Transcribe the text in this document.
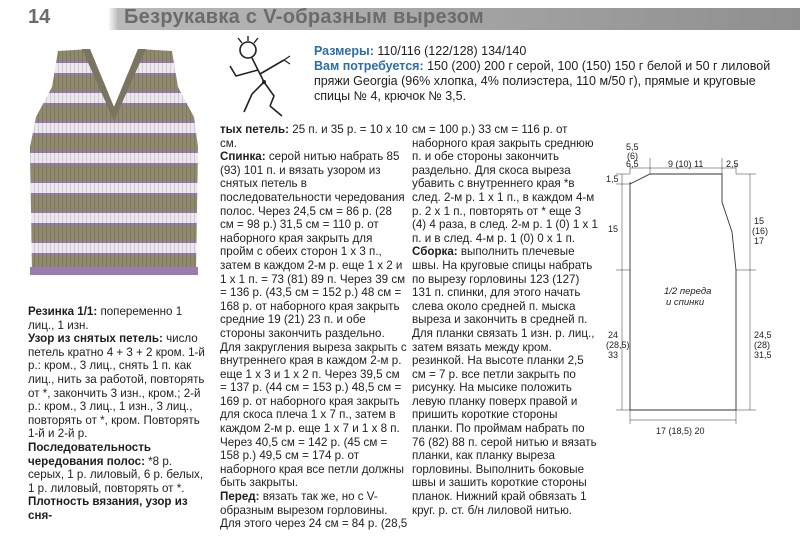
14	Безрукавка с V-образным вырезом
Размеры: 110/116 (122/128) 134/140
Вам потребуется: 150 (200) 200 г серой, 100 (150) 150 г белой и 50 г лиловой пряжи Georgia (96% хлопка, 4% полиэстера, 110 м/50 г), прямые и круговые спицы № 4, крючок № 3,5.

Резинка 1/1: попеременно 1 лиц., 1 изн.

Узор из снятых петель: число петель кратно 4 + 3 + 2 кром. 1-й р.: кром., 3 лиц., снять 1 п. как лиц., нить за работой, повторять от *, закончить 3 изн., кром.; 2-й р.: кром., 3 лиц., 1 изн., 3 лиц., повторять от *, кром. Повторять 1-й и 2-й р.

Последовательность чередования полос: *8 р. серых, 1 р. лиловый, 6 р. белых, 1 р. лиловый, повторять от *.

Плотность вязания, узор из сня-

тых петель: 25 п. и 35 р. = 10 x 10 см.

Спинка: серой нитью набрать 85 (93) 101 п. и вязать узором из снятых петель в последовательности чередования полос. Через 24,5 см = 86 р. (28 см = 98 р.) 31,5 см = 110 р. от наборного края закрыть для пройм с обеих сторон 1 x 3 п., затем в каждом 2-м р. еще 1 x 2 и 1 x 1 п. = 73 (81) 89 п. Через 39 см = 136 р. (43,5 см = 152 р.) 48 см = 168 р. от наборного края закрыть средние 19 (21) 23 п. и обе стороны закончить раздельно. Для закругления выреза закрыть с внутреннего края в каждом 2-м р. еще 1 x 3 и 1 x 2 п. Через 39,5 см = 137 р. (44 см = 153 р.) 48,5 см = 169 р. от наборного края закрыть для скоса плеча 1 x 7 п., затем в каждом 2-м р. еще 1 x 7 и 1 x 8 п. Через 40,5 см = 142 р. (45 см = 158 р.) 49,5 см = 174 р. от наборного края все петли должны быть закрыты.

Перед: вязать так же, но с V-образным вырезом горловины. Для этого через 24 см = 84 р. (28,5

см = 100 р.) 33 см = 116 р. от наборного края закрыть среднюю п. и обе стороны закончить раздельно. Для скоса выреза убавить с внутреннего края *в след. 2-м р. 1 x 1 п., в каждом 4-м р. 2 x 1 п., повторять от * еще 3 (4) 4 раза, в след. 2-м р. 1 (0) 1 x 1 п. и в след. 4-м р. 1 (0) 0 x 1 п.

Сборка: выполнить плечевые швы. На круговые спицы набрать по вырезу горловины 123 (127) 131 п. спинки, для этого начать слева около средней п. мыска выреза и закончить в средней п. Для планки связать 1 изн. р. лиц., затем вязать между кром. резинкой. На высоте планки 2,5 см = 7 р. все петли закрыть по рисунку. На мысике положить левую планку поверх правой и пришить короткие стороны планки. По проймам набрать по 76 (82) 88 п. серой нитью и вязать планки, как планку выреза горловины. Выполнить боковые швы и зашить короткие стороны планок. Нижний край обвязать 1 круг. р. ст. б/н лиловой нитью.

5,5
(6)
6,5	9 (10) 11	2,5
1,5
15
15
(16)
17
1/2 переда
и спинки
24
(28,5)
33
24,5
(28)
31,5
17 (18,5) 20
